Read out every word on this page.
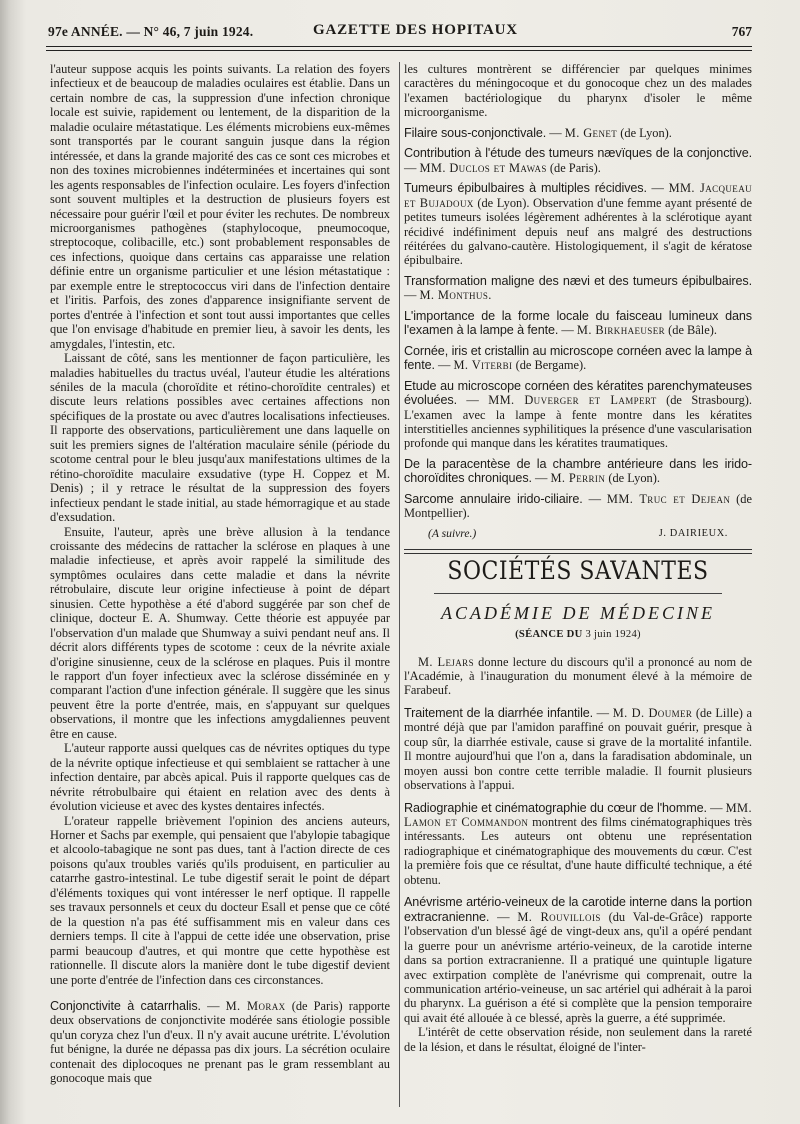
97e ANNÉE. — N° 46, 7 juin 1924.	GAZETTE DES HOPITAUX	767

l'auteur suppose acquis les points suivants. La relation des foyers infectieux et de beaucoup de maladies oculaires est établie. Dans un certain nombre de cas, la suppression d'une infection chronique locale est suivie, rapidement ou lentement, de la disparition de la maladie oculaire métastatique. Les éléments microbiens eux-mêmes sont transportés par le courant sanguin jusque dans la région intéressée, et dans la grande majorité des cas ce sont ces microbes et non des toxines microbiennes indéterminées et incertaines qui sont les agents responsables de l'infection oculaire. Les foyers d'infection sont souvent multiples et la destruction de plusieurs foyers est nécessaire pour guérir l'œil et pour éviter les rechutes. De nombreux microorganismes pathogènes (staphylocoque, pneumocoque, streptocoque, colibacille, etc.) sont probablement responsables de ces infections, quoique dans certains cas apparaisse une relation définie entre un organisme particulier et une lésion métastatique : par exemple entre le streptococcus viri dans de l'infection dentaire et l'iritis. Parfois, des zones d'apparence insignifiante servent de portes d'entrée à l'infection et sont tout aussi importantes que celles que l'on envisage d'habitude en premier lieu, à savoir les dents, les amygdales, l'intestin, etc.

Laissant de côté, sans les mentionner de façon particulière, les maladies habituelles du tractus uvéal, l'auteur étudie les altérations séniles de la macula (choroïdite et rétino-choroïdite centrales) et discute leurs relations possibles avec certaines affections non spécifiques de la prostate ou avec d'autres localisations infectieuses. Il rapporte des observations, particulièrement une dans laquelle on suit les premiers signes de l'altération maculaire sénile (période du scotome central pour le bleu jusqu'aux manifestations ultimes de la rétino-choroïdite maculaire exsudative (type H. Coppez et M. Denis) ; il y retrace le résultat de la suppression des foyers infectieux pendant le stade initial, au stade hémorragique et au stade d'exsudation.

Ensuite, l'auteur, après une brève allusion à la tendance croissante des médecins de rattacher la sclérose en plaques à une maladie infectieuse, et après avoir rappelé la similitude des symptômes oculaires dans cette maladie et dans la névrite rétrobulaire, discute leur origine infectieuse à point de départ sinusien. Cette hypothèse a été d'abord suggérée par son chef de clinique, docteur E. A. Shumway. Cette théorie est appuyée par l'observation d'un malade que Shumway a suivi pendant neuf ans. Il décrit alors différents types de scotome : ceux de la névrite axiale d'origine sinusienne, ceux de la sclérose en plaques. Puis il montre le rapport d'un foyer infectieux avec la sclérose disséminée en y comparant l'action d'une infection générale. Il suggère que les sinus peuvent être la porte d'entrée, mais, en s'appuyant sur quelques observations, il montre que les infections amygdaliennes peuvent être en cause.

L'auteur rapporte aussi quelques cas de névrites optiques du type de la névrite optique infectieuse et qui semblaient se rattacher à une infection dentaire, par abcès apical. Puis il rapporte quelques cas de névrite rétrobulbaire qui étaient en relation avec des dents à évolution vicieuse et avec des kystes dentaires infectés.

L'orateur rappelle brièvement l'opinion des anciens auteurs, Horner et Sachs par exemple, qui pensaient que l'abylopie tabagique et alcoolo-tabagique ne sont pas dues, tant à l'action directe de ces poisons qu'aux troubles variés qu'ils produisent, en particulier au catarrhe gastro-intestinal. Le tube digestif serait le point de départ d'éléments toxiques qui vont intéresser le nerf optique. Il rappelle ses travaux personnels et ceux du docteur Esall et pense que ce côté de la question n'a pas été suffisamment mis en valeur dans ces derniers temps. Il cite à l'appui de cette idée une observation, prise parmi beaucoup d'autres, et qui montre que cette hypothèse est rationnelle. Il discute alors la manière dont le tube digestif devient une porte d'entrée de l'infection dans ces circonstances.

Conjonctivite à catarrhalis. — M. Morax (de Paris) rapporte deux observations de conjonctivite modérée sans étiologie possible qu'un coryza chez l'un d'eux. Il n'y avait aucune urétrite. L'évolution fut bénigne, la durée ne dépassa pas dix jours. La sécrétion oculaire contenait des diplocoques ne prenant pas le gram ressemblant au gonocoque mais que

les cultures montrèrent se différencier par quelques minimes caractères du méningocoque et du gonocoque chez un des malades l'examen bactériologique du pharynx d'isoler le même microorganisme.

Filaire sous-conjonctivale. — M. Genet (de Lyon).

Contribution à l'étude des tumeurs nævïques de la conjonctive. — MM. Duclos et Mawas (de Paris).

Tumeurs épibulbaires à multiples récidives. — MM. Jacqueau et Bujadoux (de Lyon). Observation d'une femme ayant présenté de petites tumeurs isolées légèrement adhérentes à la sclérotique ayant récidivé indéfiniment depuis neuf ans malgré des destructions réitérées du galvano-cautère. Histologiquement, il s'agit de kératose épibulbaire.

Transformation maligne des nævi et des tumeurs épibulbaires. — M. Monthus.

L'importance de la forme locale du faisceau lumineux dans l'examen à la lampe à fente. — M. Birkhaeuser (de Bâle).

Cornée, iris et cristallin au microscope cornéen avec la lampe à fente. — M. Viterbi (de Bergame).

Etude au microscope cornéen des kératites parenchymateuses évoluées. — MM. Duverger et Lampert (de Strasbourg). L'examen avec la lampe à fente montre dans les kératites interstitielles anciennes syphilitiques la présence d'une vascularisation profonde qui manque dans les kératites traumatiques.

De la paracentèse de la chambre antérieure dans les irido-choroïdites chroniques. — M. Perrin (de Lyon).

Sarcome annulaire irido-ciliaire. — MM. Truc et Dejean (de Montpellier).

(A suivre.)	J. DAIRIEUX.
SOCIÉTÉS SAVANTES
ACADÉMIE DE MÉDECINE
(SÉANCE DU 3 juin 1924)

M. Lejars donne lecture du discours qu'il a prononcé au nom de l'Académie, à l'inauguration du monument élevé à la mémoire de Farabeuf.

Traitement de la diarrhée infantile. — M. D. Doumer (de Lille) a montré déjà que par l'amidon paraffiné on pouvait guérir, presque à coup sûr, la diarrhée estivale, cause si grave de la mortalité infantile. Il montre aujourd'hui que l'on a, dans la faradisation abdominale, un moyen aussi bon contre cette terrible maladie. Il fournit plusieurs observations à l'appui.

Radiographie et cinématographie du cœur de l'homme. — MM. Lamon et Commandon montrent des films cinématographiques très intéressants. Les auteurs ont obtenu une représentation radiographique et cinématographique des mouvements du cœur. C'est la première fois que ce résultat, d'une haute difficulté technique, a été obtenu.

Anévrisme artério-veineux de la carotide interne dans la portion extracranienne. — M. Rouvillois (du Val-de-Grâce) rapporte l'observation d'un blessé âgé de vingt-deux ans, qu'il a opéré pendant la guerre pour un anévrisme artério-veineux, de la carotide interne dans sa portion extracranienne. Il a pratiqué une quintuple ligature avec extirpation complète de l'anévrisme qui comprenait, outre la communication artério-veineuse, un sac artériel qui adhérait à la paroi du pharynx. La guérison a été si complète que la pension temporaire qui avait été allouée à ce blessé, après la guerre, a été supprimée.

L'intérêt de cette observation réside, non seulement dans la rareté de la lésion, et dans le résultat, éloigné de l'inter-
